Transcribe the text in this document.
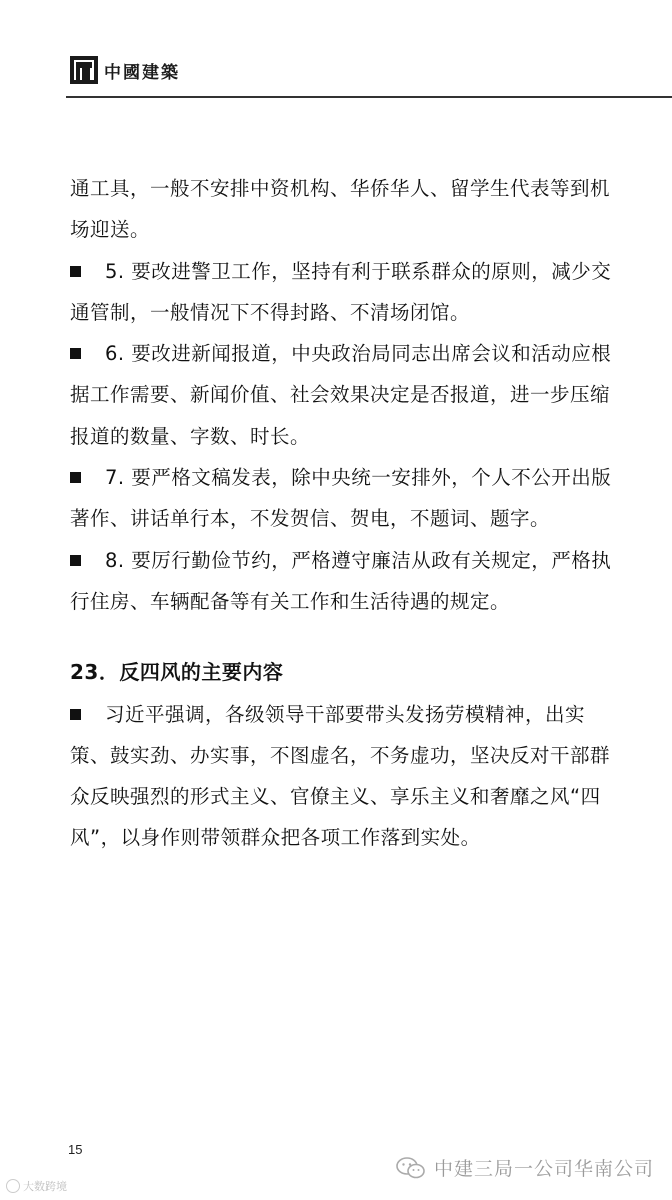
中國建築

通工具，一般不安排中资机构、华侨华人、留学生代表等到机场迎送。

5. 要改进警卫工作，坚持有利于联系群众的原则，减少交通管制，一般情况下不得封路、不清场闭馆。

6. 要改进新闻报道，中央政治局同志出席会议和活动应根据工作需要、新闻价值、社会效果决定是否报道，进一步压缩报道的数量、字数、时长。

7. 要严格文稿发表，除中央统一安排外，个人不公开出版著作、讲话单行本，不发贺信、贺电，不题词、题字。

8. 要厉行勤俭节约，严格遵守廉洁从政有关规定，严格执行住房、车辆配备等有关工作和生活待遇的规定。

23．反四风的主要内容

习近平强调，各级领导干部要带头发扬劳模精神，出实策、鼓实劲、办实事，不图虚名，不务虚功，坚决反对干部群众反映强烈的形式主义、官僚主义、享乐主义和奢靡之风“四风”，以身作则带领群众把各项工作落到实处。

15
中建三局一公司华南公司
大数跨境
